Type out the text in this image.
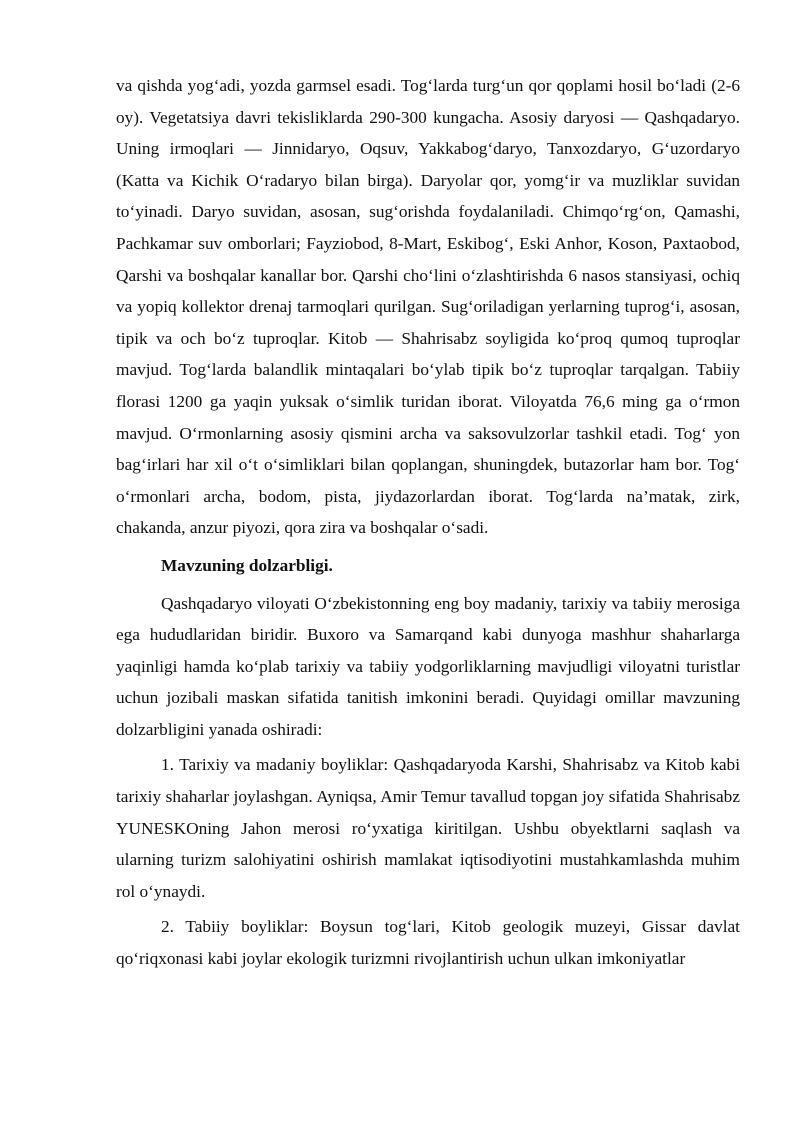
va qishda yog‘adi, yozda garmsel esadi. Tog‘larda turg‘un qor qoplami hosil bo‘ladi (2-6 oy). Vegetatsiya davri tekisliklarda 290-300 kungacha. Asosiy daryosi — Qashqadaryo. Uning irmoqlari — Jinnidaryo, Oqsuv, Yakkabog‘daryo, Tanxozdaryo, G‘uzordaryo (Katta va Kichik O‘radaryo bilan birga). Daryolar qor, yomg‘ir va muzliklar suvidan to‘yinadi. Daryo suvidan, asosan, sug‘orishda foydalaniladi. Chimqo‘rg‘on, Qamashi, Pachkamar suv omborlari; Fayziobod, 8-Mart, Eskibog‘, Eski Anhor, Koson, Paxtaobod, Qarshi va boshqalar kanallar bor. Qarshi cho‘lini o‘zlashtirishda 6 nasos stansiyasi, ochiq va yopiq kollektor drenaj tarmoqlari qurilgan. Sug‘oriladigan yerlarning tuprog‘i, asosan, tipik va och bo‘z tuproqlar. Kitob — Shahrisabz soyligida ko‘proq qumoq tuproqlar mavjud. Tog‘larda balandlik mintaqalari bo‘ylab tipik bo‘z tuproqlar tarqalgan. Tabiiy florasi 1200 ga yaqin yuksak o‘simlik turidan iborat. Viloyatda 76,6 ming ga o‘rmon mavjud. O‘rmonlarning asosiy qismini archa va saksovulzorlar tashkil etadi. Tog‘ yon bag‘irlari har xil o‘t o‘simliklari bilan qoplangan, shuningdek, butazorlar ham bor. Tog‘ o‘rmonlari archa, bodom, pista, jiydazorlardan iborat. Tog‘larda na’matak, zirk, chakanda, anzur piyozi, qora zira va boshqalar o‘sadi.

Mavzuning dolzarbligi.

Qashqadaryo viloyati O‘zbekistonning eng boy madaniy, tarixiy va tabiiy merosiga ega hududlaridan biridir. Buxoro va Samarqand kabi dunyoga mashhur shaharlarga yaqinligi hamda ko‘plab tarixiy va tabiiy yodgorliklarning mavjudligi viloyatni turistlar uchun jozibali maskan sifatida tanitish imkonini beradi. Quyidagi omillar mavzuning dolzarbligini yanada oshiradi:

1. Tarixiy va madaniy boyliklar: Qashqadaryoda Karshi, Shahrisabz va Kitob kabi tarixiy shaharlar joylashgan. Ayniqsa, Amir Temur tavallud topgan joy sifatida Shahrisabz YUNESKOning Jahon merosi ro‘yxatiga kiritilgan. Ushbu obyektlarni saqlash va ularning turizm salohiyatini oshirish mamlakat iqtisodiyotini mustahkamlashda muhim rol o‘ynaydi.

2. Tabiiy boyliklar: Boysun tog‘lari, Kitob geologik muzeyi, Gissar davlat qo‘riqxonasi kabi joylar ekologik turizmni rivojlantirish uchun ulkan imkoniyatlar
